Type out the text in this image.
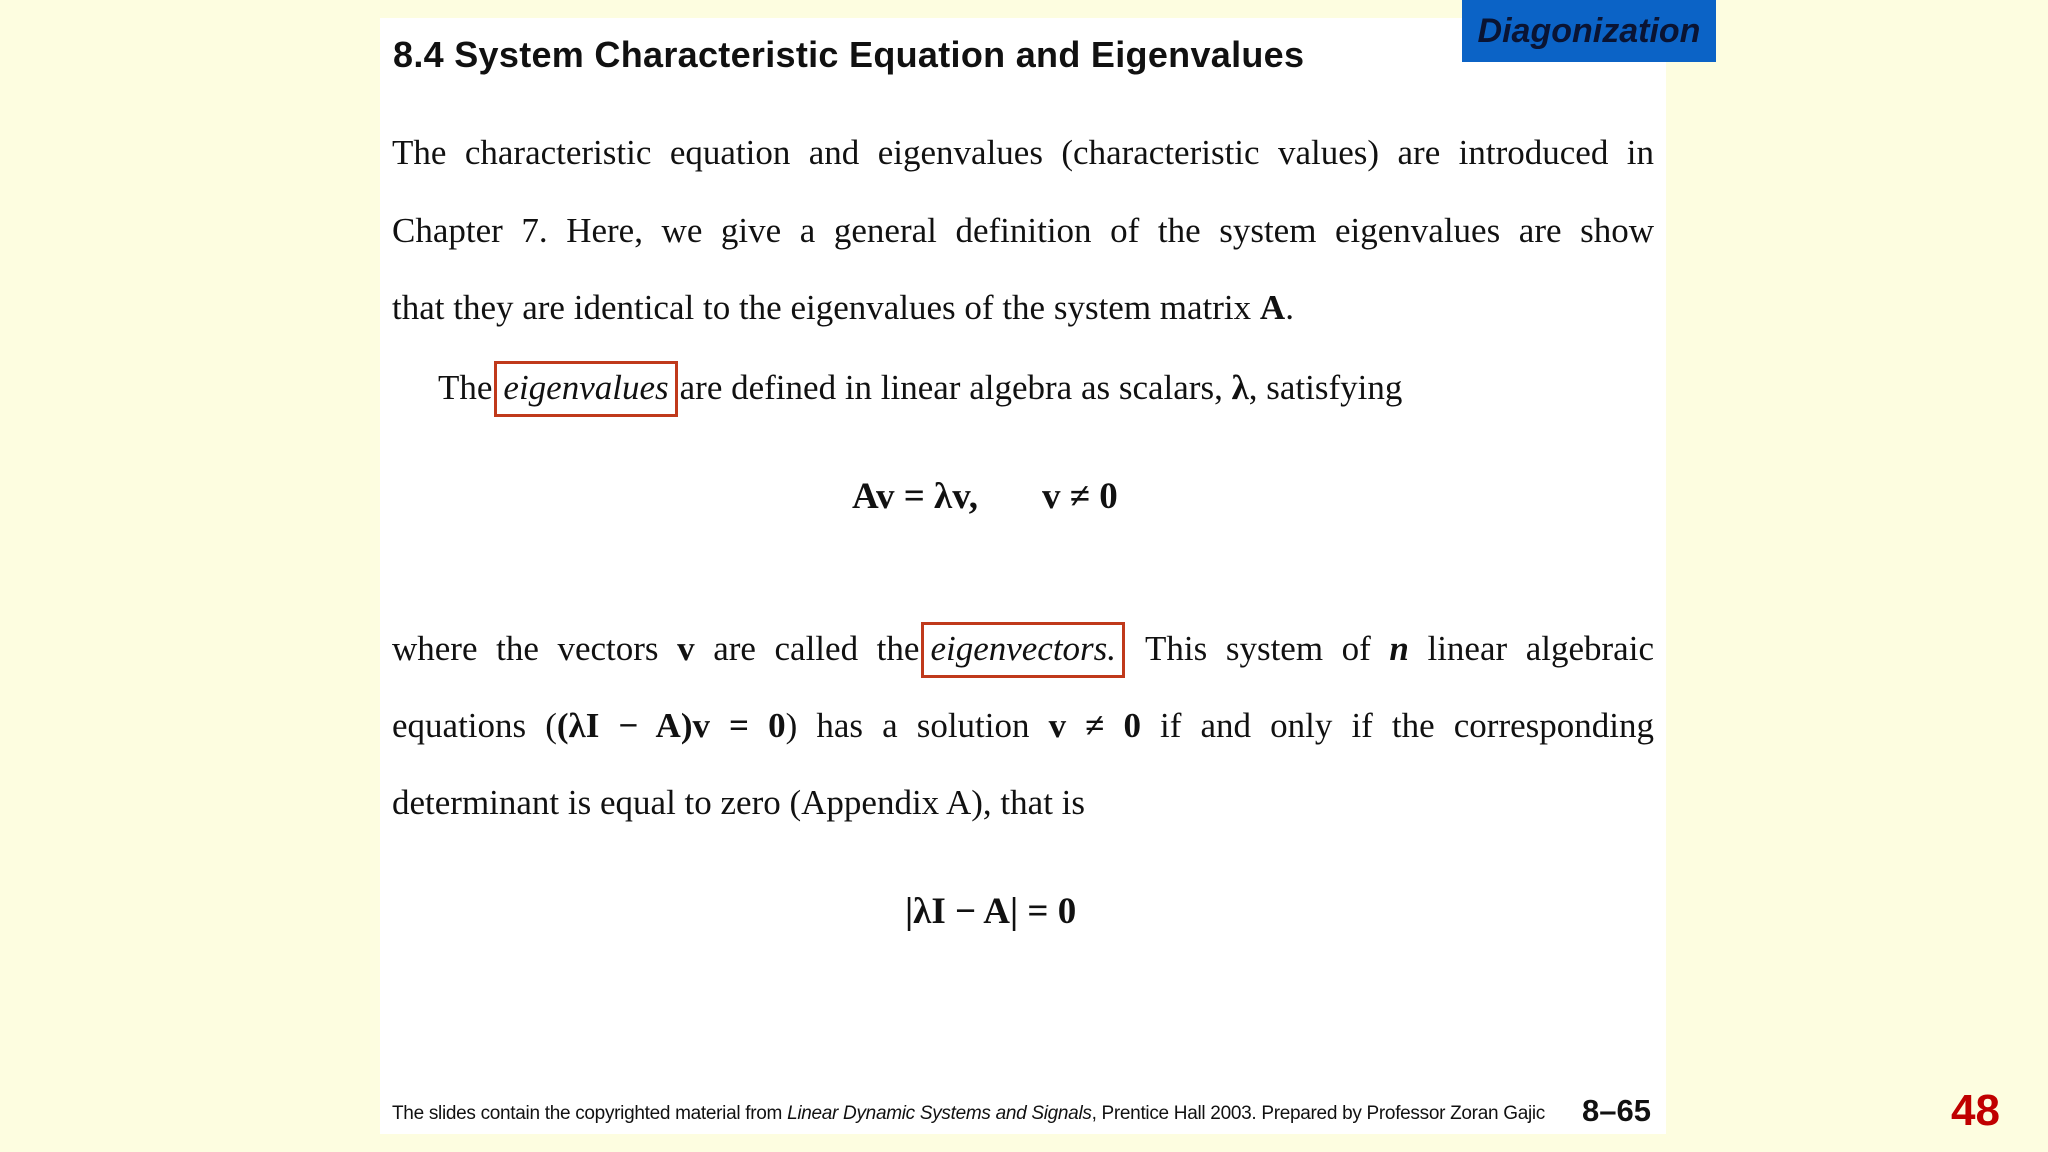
Diagonization
8.4 System Characteristic Equation and Eigenvalues
The characteristic equation and eigenvalues (characteristic values) are introduced in
Chapter 7. Here, we give a general definition of the system eigenvalues are show
that they are identical to the eigenvalues of the system matrix A.
The eigenvalues are defined in linear algebra as scalars, λ, satisfying
Av = λv, v ≠ 0
where the vectors v are called the eigenvectors. This system of n linear algebraic
equations ((λI − A)v = 0) has a solution v ≠ 0 if and only if the corresponding
determinant is equal to zero (Appendix A), that is
|λI − A| = 0
The slides contain the copyrighted material from Linear Dynamic Systems and Signals, Prentice Hall 2003. Prepared by Professor Zoran Gajic 8–65	48
